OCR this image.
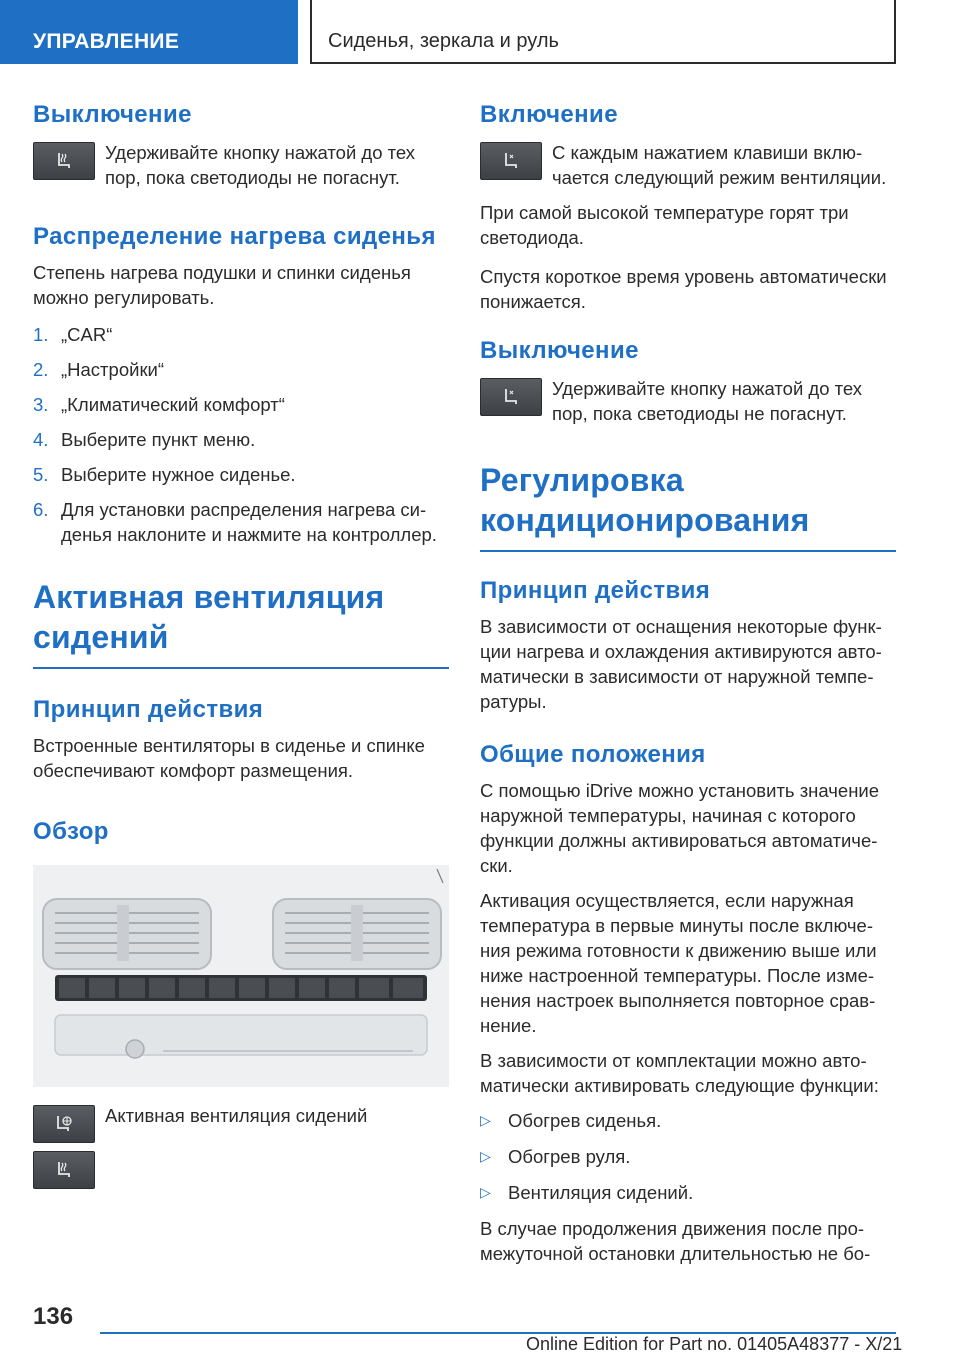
УПРАВЛЕНИЕ	Сиденья, зеркала и руль
Выключение

Удерживайте кнопку нажатой до тех пор, пока светодиоды не погаснут.

Распределение нагрева сиденья

Степень нагрева подушки и спинки сиденья можно регулировать.

1. „CAR“
2. „Настройки“
3. „Климатический комфорт“
4. Выберите пункт меню.
5. Выберите нужное сиденье.
6. Для установки распределения нагрева сиденья наклоните и нажмите на контроллер.
Активная вентиляция сидений
Принцип действия

Встроенные вентиляторы в сиденье и спинке обеспечивают комфорт размещения.

Обзор

Активная вентиляция сидений

Включение

С каждым нажатием клавиши включается следующий режим вентиляции.

При самой высокой температуре горят три светодиода.

Спустя короткое время уровень автоматически понижается.

Выключение

Удерживайте кнопку нажатой до тех пор, пока светодиоды не погаснут.

Регулировка кондиционирования
Принцип действия

В зависимости от оснащения некоторые функции нагрева и охлаждения активируются автоматически в зависимости от наружной температуры.

Общие положения

С помощью iDrive можно установить значение наружной температуры, начиная с которого функции должны активироваться автоматически.

Активация осуществляется, если наружная температура в первые минуты после включения режима готовности к движению выше или ниже настроенной температуры. После изменения настроек выполняется повторное сравнение.

В зависимости от комплектации можно автоматически активировать следующие функции:

▷ Обогрев сиденья.
▷ Обогрев руля.
▷ Вентиляция сидений.

В случае продолжения движения после промежуточной остановки длительностью не бо-

136
Online Edition for Part no. 01405A48377 - X/21
